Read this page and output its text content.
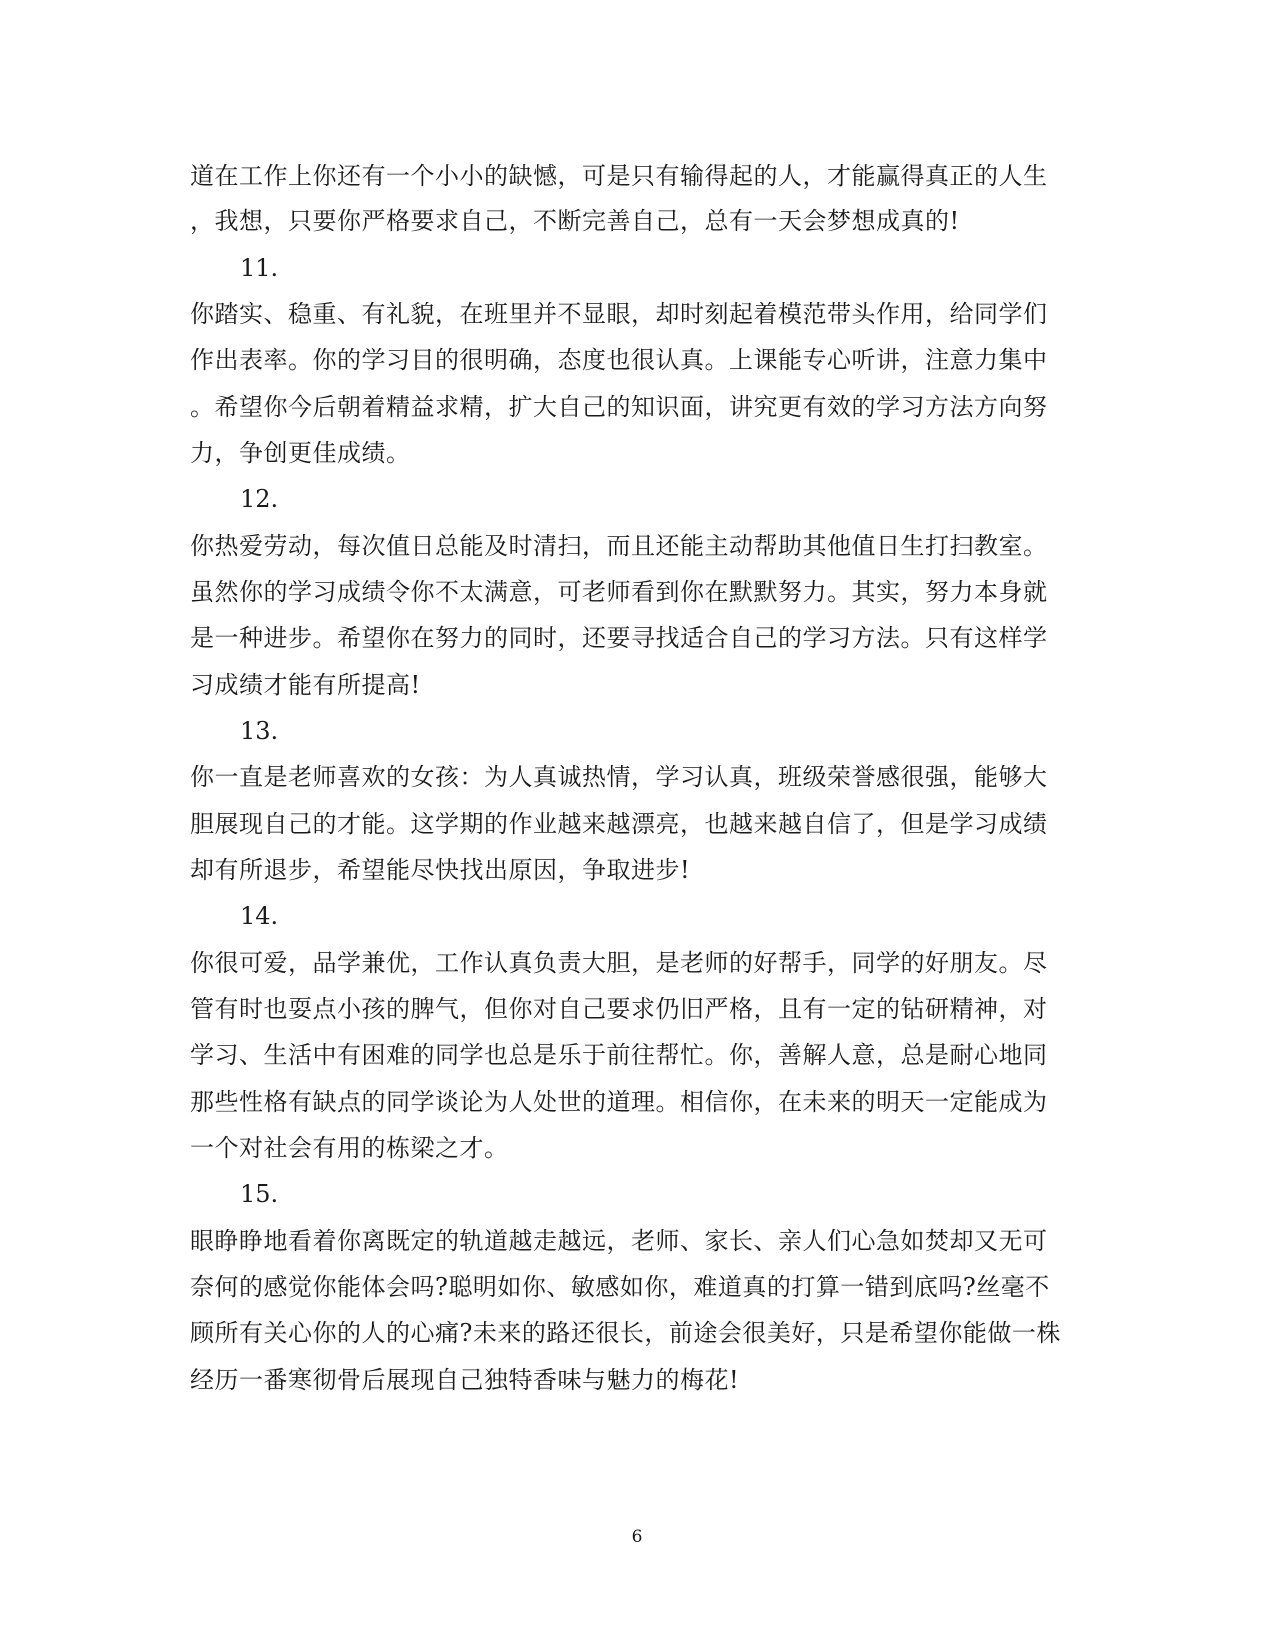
道在工作上你还有一个小小的缺憾，可是只有输得起的人，才能赢得真正的人生
，我想，只要你严格要求自己，不断完善自己，总有一天会梦想成真的!
11.
你踏实、稳重、有礼貌，在班里并不显眼，却时刻起着模范带头作用，给同学们
作出表率。你的学习目的很明确，态度也很认真。上课能专心听讲，注意力集中
。希望你今后朝着精益求精，扩大自己的知识面，讲究更有效的学习方法方向努
力，争创更佳成绩。
12.
你热爱劳动，每次值日总能及时清扫，而且还能主动帮助其他值日生打扫教室。
虽然你的学习成绩令你不太满意，可老师看到你在默默努力。其实，努力本身就
是一种进步。希望你在努力的同时，还要寻找适合自己的学习方法。只有这样学
习成绩才能有所提高!
13.
你一直是老师喜欢的女孩：为人真诚热情，学习认真，班级荣誉感很强，能够大
胆展现自己的才能。这学期的作业越来越漂亮，也越来越自信了，但是学习成绩
却有所退步，希望能尽快找出原因，争取进步!
14.
你很可爱，品学兼优，工作认真负责大胆，是老师的好帮手，同学的好朋友。尽
管有时也耍点小孩的脾气，但你对自己要求仍旧严格，且有一定的钻研精神，对
学习、生活中有困难的同学也总是乐于前往帮忙。你，善解人意，总是耐心地同
那些性格有缺点的同学谈论为人处世的道理。相信你，在未来的明天一定能成为
一个对社会有用的栋梁之才。
15.
眼睁睁地看着你离既定的轨道越走越远，老师、家长、亲人们心急如焚却又无可
奈何的感觉你能体会吗?聪明如你、敏感如你，难道真的打算一错到底吗?丝毫不
顾所有关心你的人的心痛?未来的路还很长，前途会很美好，只是希望你能做一株
经历一番寒彻骨后展现自己独特香味与魅力的梅花!
6
